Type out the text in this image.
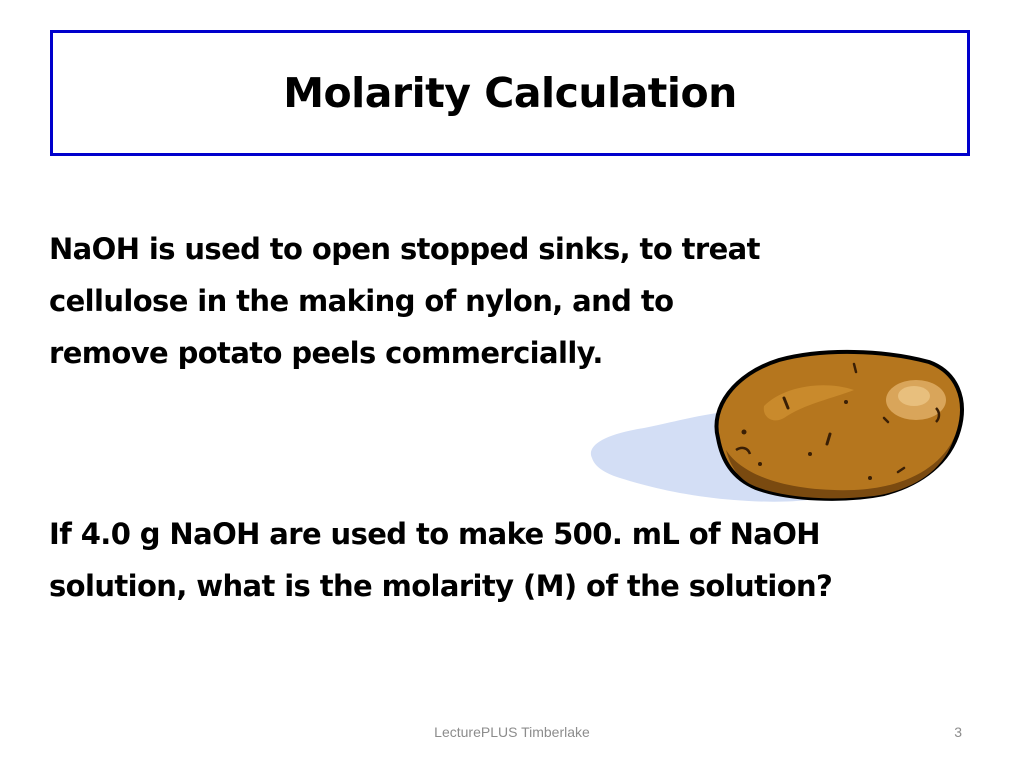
Molarity Calculation
NaOH is used to open stopped sinks, to treat
cellulose in the making of nylon, and to
remove potato peels commercially.
If 4.0 g NaOH are used to make 500. mL of NaOH
solution, what is the molarity (M) of the solution?
LecturePLUS Timberlake	3
